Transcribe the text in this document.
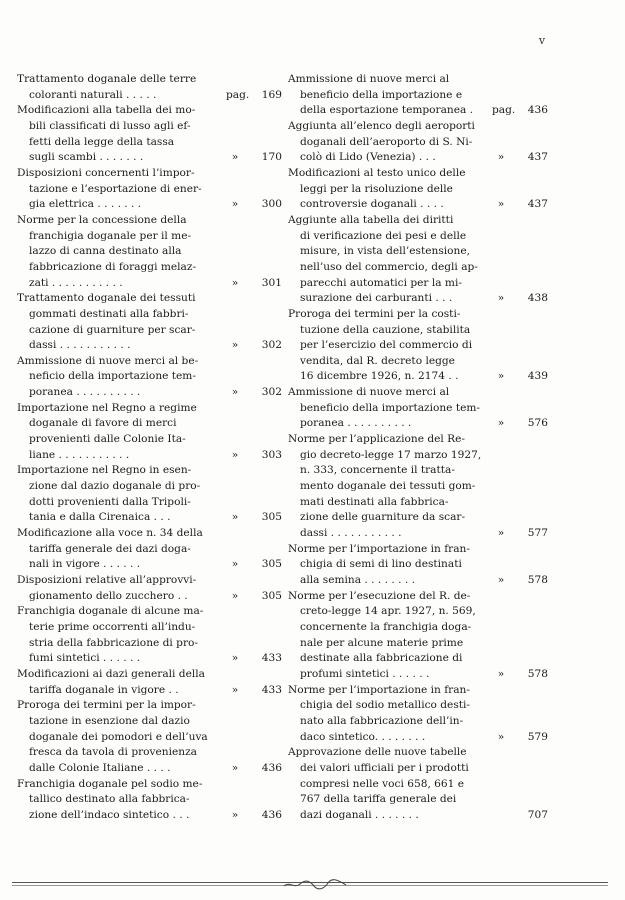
v
Trattamento doganale delle terre
coloranti naturali . . . . .	pag.	169
Modificazioni alla tabella dei mo-
bili classificati di lusso agli ef-
fetti della legge della tassa
sugli scambi . . . . . . .	»	170
Disposizioni concernenti l’impor-
tazione e l’esportazione di ener-
gia elettrica . . . . . . .	»	300
Norme per la concessione della
franchigia doganale per il me-
lazzo di canna destinato alla
fabbricazione di foraggi melaz-
zati . . . . . . . . . . .	»	301
Trattamento doganale dei tessuti
gommati destinati alla fabbri-
cazione di guarniture per scar-
dassi . . . . . . . . . . .	»	302
Ammissione di nuove merci al be-
neficio della importazione tem-
poranea . . . . . . . . . .	»	302
Importazione nel Regno a regime
doganale di favore di merci
provenienti dalle Colonie Ita-
liane . . . . . . . . . . .	»	303
Importazione nel Regno in esen-
zione dal dazio doganale di pro-
dotti provenienti dalla Tripoli-
tania e dalla Cirenaica . . .	»	305
Modificazione alla voce n. 34 della
tariffa generale dei dazi doga-
nali in vigore . . . . . .	»	305
Disposizioni relative all’approvvi-
gionamento dello zucchero . .	»	305
Franchigia doganale di alcune ma-
terie prime occorrenti all’indu-
stria della fabbricazione di pro-
fumi sintetici . . . . . .	»	433
Modificazioni ai dazi generali della
tariffa doganale in vigore . .	»	433
Proroga dei termini per la impor-
tazione in esenzione dal dazio
doganale dei pomodori e dell’uva
fresca da tavola di provenienza
dalle Colonie Italiane . . . .	»	436
Franchigia doganale pel sodio me-
tallico destinato alla fabbrica-
zione dell’indaco sintetico . . .	»	436
Ammissione di nuove merci al
beneficio della importazione e
della esportazione temporanea .	pag.	436
Aggiunta all’elenco degli aeroporti
doganali dell’aeroporto di S. Ni-
colò di Lido (Venezia) . . .	»	437
Modificazioni al testo unico delle
leggi per la risoluzione delle
controversie doganali . . . .	»	437
Aggiunte alla tabella dei diritti
di verificazione dei pesi e delle
misure, in vista dell’estensione,
nell’uso del commercio, degli ap-
parecchi automatici per la mi-
surazione dei carburanti . . .	»	438
Proroga dei termini per la costi-
tuzione della cauzione, stabilita
per l’esercizio del commercio di
vendita, dal R. decreto legge
16 dicembre 1926, n. 2174 . .	»	439
Ammissione di nuove merci al
beneficio della importazione tem-
poranea . . . . . . . . . .	»	576
Norme per l’applicazione del Re-
gio decreto-legge 17 marzo 1927,
n. 333, concernente il tratta-
mento doganale dei tessuti gom-
mati destinati alla fabbrica-
zione delle guarniture da scar-
dassi . . . . . . . . . . .	»	577
Norme per l’importazione in fran-
chigia di semi di lino destinati
alla semina . . . . . . . .	»	578
Norme per l’esecuzione del R. de-
creto-legge 14 apr. 1927, n. 569,
concernente la franchigia doga-
nale per alcune materie prime
destinate alla fabbricazione di
profumi sintetici . . . . . .	»	578
Norme per l’importazione in fran-
chigia del sodio metallico desti-
nato alla fabbricazione dell’in-
daco sintetico. . . . . . . .	»	579
Approvazione delle nuove tabelle
dei valori ufficiali per i prodotti
compresi nelle voci 658, 661 e
767 della tariffa generale dei
dazi doganali . . . . . . .	707
